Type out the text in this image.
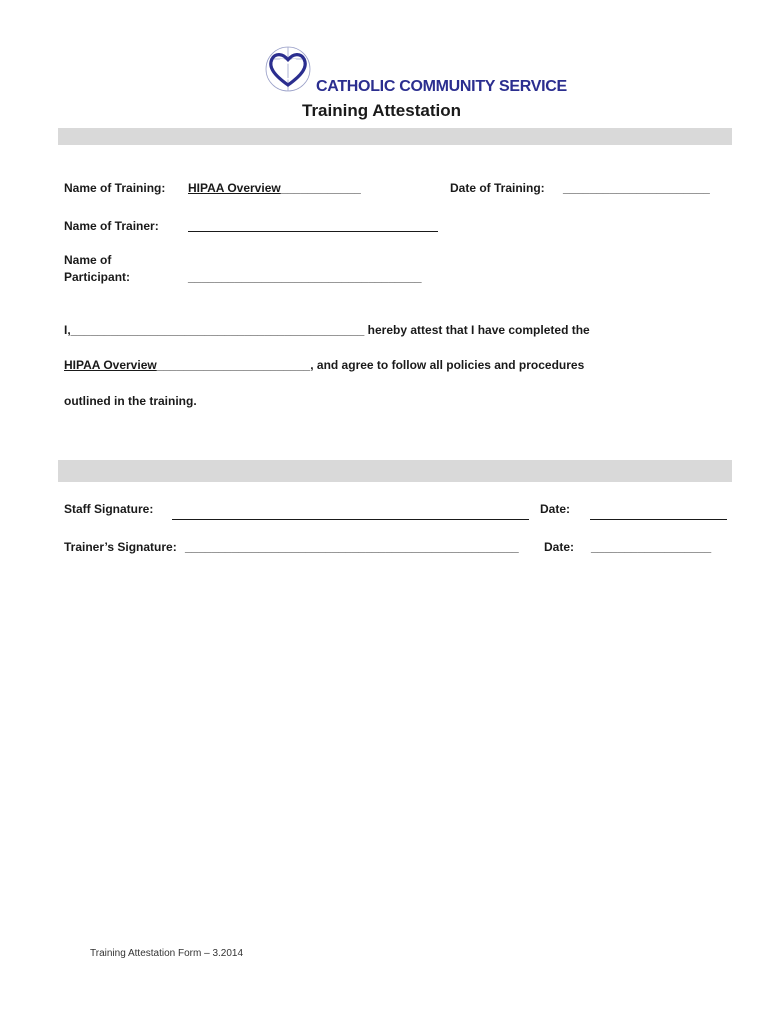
CATHOLIC COMMUNITY SERVICE
Training Attestation
Name of Training: HIPAA Overview____________	Date of Training: ______________________
Name of Trainer:
Name of
Participant:	___________________________________
I,____________________________________________ hereby attest that I have completed the
HIPAA Overview_______________________, and agree to follow all policies and procedures
outlined in the training.
Staff Signature:	Date:
Trainer’s Signature: __________________________________________________ Date: __________________
Training Attestation Form – 3.2014
